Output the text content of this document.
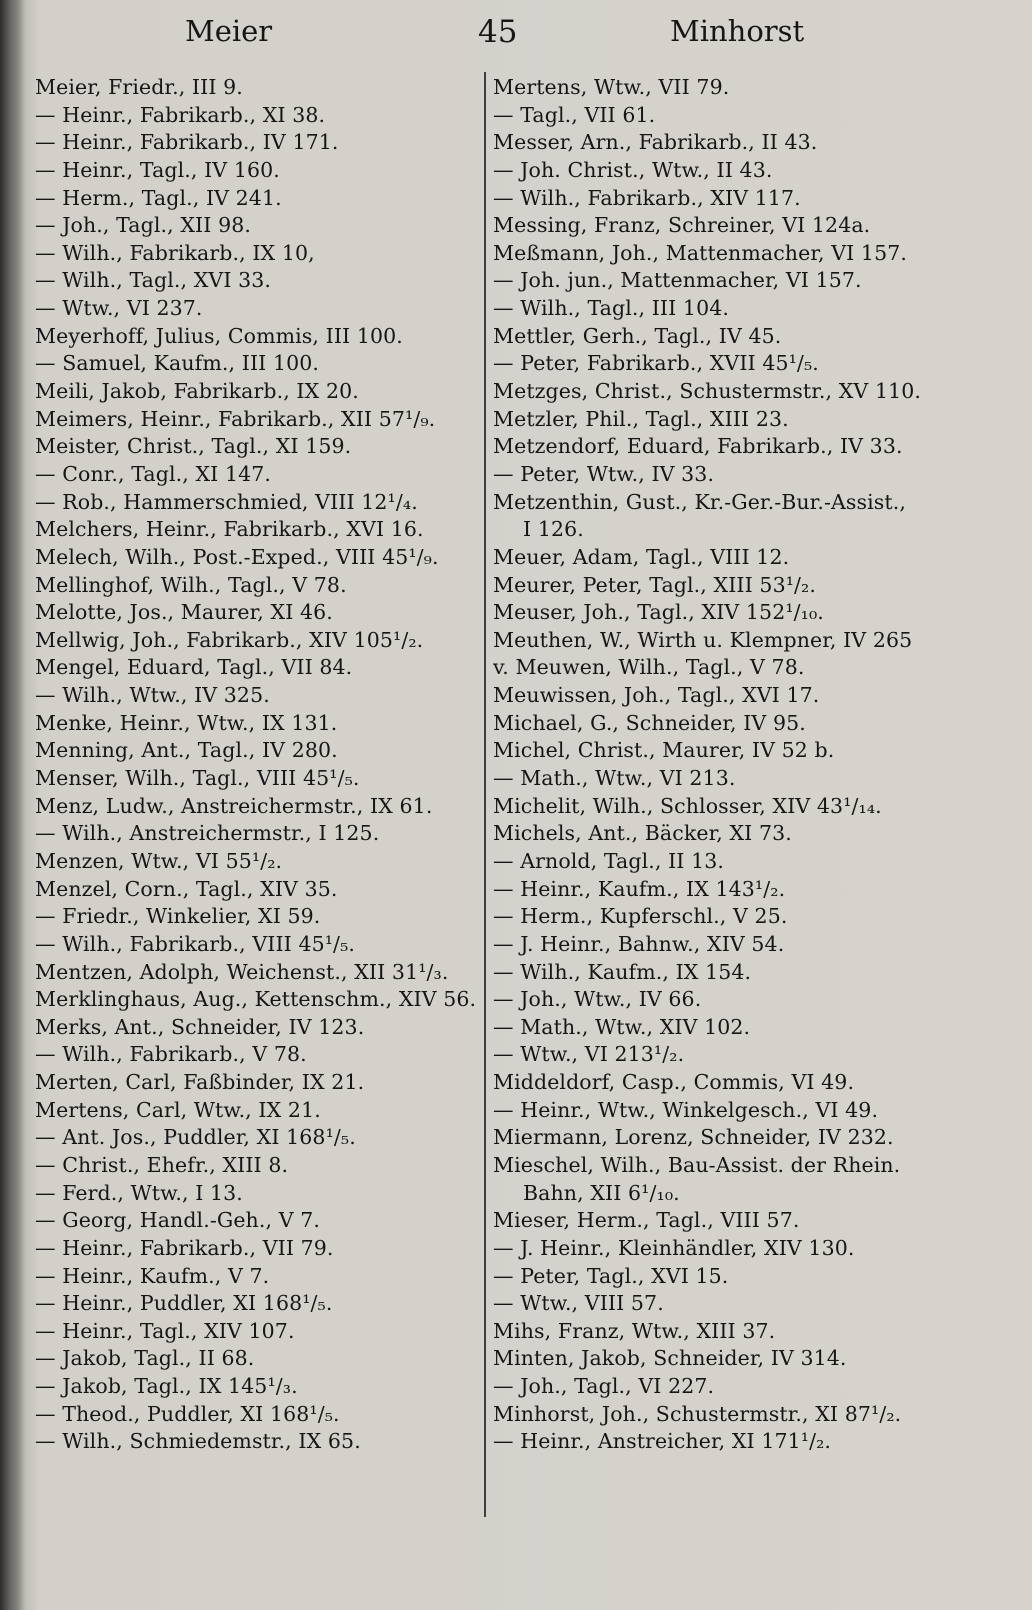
Meier	45	Minhorst
Meier, Friedr., III 9.
— Heinr., Fabrikarb., XI 38.
— Heinr., Fabrikarb., IV 171.
— Heinr., Tagl., IV 160.
— Herm., Tagl., IV 241.
— Joh., Tagl., XII 98.
— Wilh., Fabrikarb., IX 10,
— Wilh., Tagl., XVI 33.
— Wtw., VI 237.
Meyerhoff, Julius, Commis, III 100.
— Samuel, Kaufm., III 100.
Meili, Jakob, Fabrikarb., IX 20.
Meimers, Heinr., Fabrikarb., XII 57¹/₉.
Meister, Christ., Tagl., XI 159.
— Conr., Tagl., XI 147.
— Rob., Hammerschmied, VIII 12¹/₄.
Melchers, Heinr., Fabrikarb., XVI 16.
Melech, Wilh., Post.-Exped., VIII 45¹/₉.
Mellinghof, Wilh., Tagl., V 78.
Melotte, Jos., Maurer, XI 46.
Mellwig, Joh., Fabrikarb., XIV 105¹/₂.
Mengel, Eduard, Tagl., VII 84.
— Wilh., Wtw., IV 325.
Menke, Heinr., Wtw., IX 131.
Menning, Ant., Tagl., IV 280.
Menser, Wilh., Tagl., VIII 45¹/₅.
Menz, Ludw., Anstreichermstr., IX 61.
— Wilh., Anstreichermstr., I 125.
Menzen, Wtw., VI 55¹/₂.
Menzel, Corn., Tagl., XIV 35.
— Friedr., Winkelier, XI 59.
— Wilh., Fabrikarb., VIII 45¹/₅.
Mentzen, Adolph, Weichenst., XII 31¹/₃.
Merklinghaus, Aug., Kettenschm., XIV 56.
Merks, Ant., Schneider, IV 123.
— Wilh., Fabrikarb., V 78.
Merten, Carl, Faßbinder, IX 21.
Mertens, Carl, Wtw., IX 21.
— Ant. Jos., Puddler, XI 168¹/₅.
— Christ., Ehefr., XIII 8.
— Ferd., Wtw., I 13.
— Georg, Handl.-Geh., V 7.
— Heinr., Fabrikarb., VII 79.
— Heinr., Kaufm., V 7.
— Heinr., Puddler, XI 168¹/₅.
— Heinr., Tagl., XIV 107.
— Jakob, Tagl., II 68.
— Jakob, Tagl., IX 145¹/₃.
— Theod., Puddler, XI 168¹/₅.
— Wilh., Schmiedemstr., IX 65.
Mertens, Wtw., VII 79.
— Tagl., VII 61.
Messer, Arn., Fabrikarb., II 43.
— Joh. Christ., Wtw., II 43.
— Wilh., Fabrikarb., XIV 117.
Messing, Franz, Schreiner, VI 124a.
Meßmann, Joh., Mattenmacher, VI 157.
— Joh. jun., Mattenmacher, VI 157.
— Wilh., Tagl., III 104.
Mettler, Gerh., Tagl., IV 45.
— Peter, Fabrikarb., XVII 45¹/₅.
Metzges, Christ., Schustermstr., XV 110.
Metzler, Phil., Tagl., XIII 23.
Metzendorf, Eduard, Fabrikarb., IV 33.
— Peter, Wtw., IV 33.
Metzenthin, Gust., Kr.-Ger.-Bur.-Assist.,
I 126.
Meuer, Adam, Tagl., VIII 12.
Meurer, Peter, Tagl., XIII 53¹/₂.
Meuser, Joh., Tagl., XIV 152¹/₁₀.
Meuthen, W., Wirth u. Klempner, IV 265
v. Meuwen, Wilh., Tagl., V 78.
Meuwissen, Joh., Tagl., XVI 17.
Michael, G., Schneider, IV 95.
Michel, Christ., Maurer, IV 52 b.
— Math., Wtw., VI 213.
Michelit, Wilh., Schlosser, XIV 43¹/₁₄.
Michels, Ant., Bäcker, XI 73.
— Arnold, Tagl., II 13.
— Heinr., Kaufm., IX 143¹/₂.
— Herm., Kupferschl., V 25.
— J. Heinr., Bahnw., XIV 54.
— Wilh., Kaufm., IX 154.
— Joh., Wtw., IV 66.
— Math., Wtw., XIV 102.
— Wtw., VI 213¹/₂.
Middeldorf, Casp., Commis, VI 49.
— Heinr., Wtw., Winkelgesch., VI 49.
Miermann, Lorenz, Schneider, IV 232.
Mieschel, Wilh., Bau-Assist. der Rhein.
Bahn, XII 6¹/₁₀.
Mieser, Herm., Tagl., VIII 57.
— J. Heinr., Kleinhändler, XIV 130.
— Peter, Tagl., XVI 15.
— Wtw., VIII 57.
Mihs, Franz, Wtw., XIII 37.
Minten, Jakob, Schneider, IV 314.
— Joh., Tagl., VI 227.
Minhorst, Joh., Schustermstr., XI 87¹/₂.
— Heinr., Anstreicher, XI 171¹/₂.
